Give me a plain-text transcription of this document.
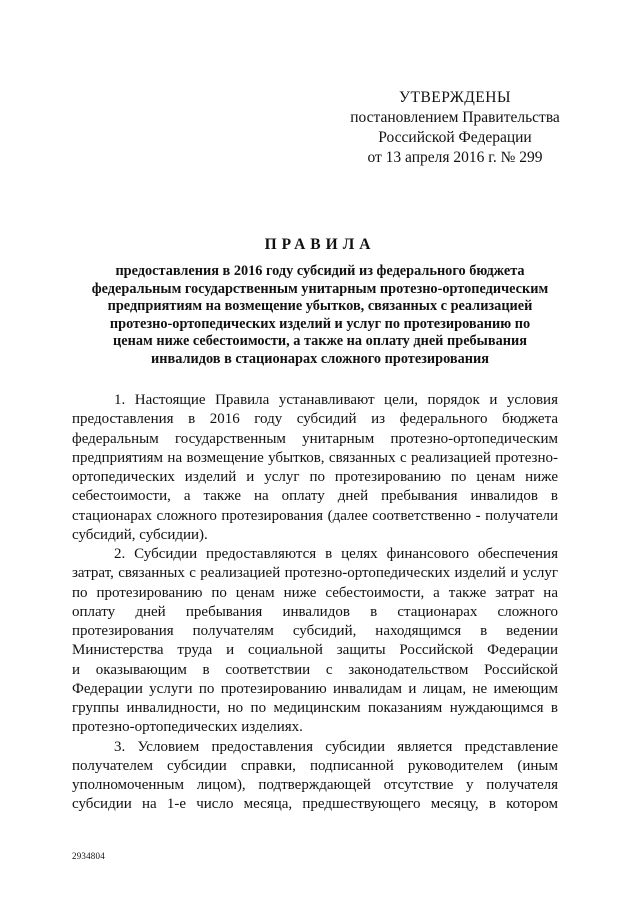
УТВЕРЖДЕНЫ
постановлением Правительства
Российской Федерации
от 13 апреля 2016 г. № 299
ПРАВИЛА
предоставления в 2016 году субсидий из федерального бюджета
федеральным государственным унитарным протезно-ортопедическим
предприятиям на возмещение убытков, связанных с реализацией
протезно-ортопедических изделий и услуг по протезированию по
ценам ниже себестоимости, а также на оплату дней пребывания
инвалидов в стационарах сложного протезирования
1. Настоящие Правила устанавливают цели, порядок и условия
предоставления в 2016 году субсидий из федерального бюджета
федеральным государственным унитарным протезно-ортопедическим
предприятиям на возмещение убытков, связанных с реализацией протезно-
ортопедических изделий и услуг по протезированию по ценам ниже
себестоимости, а также на оплату дней пребывания инвалидов в
стационарах сложного протезирования (далее соответственно - получатели
субсидий, субсидии).
2. Субсидии предоставляются в целях финансового обеспечения
затрат, связанных с реализацией протезно-ортопедических изделий и услуг
по протезированию по ценам ниже себестоимости, а также затрат на
оплату дней пребывания инвалидов в стационарах сложного
протезирования получателям субсидий, находящимся в ведении
Министерства труда и социальной защиты Российской Федерации
и оказывающим в соответствии с законодательством Российской
Федерации услуги по протезированию инвалидам и лицам, не имеющим
группы инвалидности, но по медицинским показаниям нуждающимся в
протезно-ортопедических изделиях.
3. Условием предоставления субсидии является представление
получателем субсидии справки, подписанной руководителем (иным
уполномоченным лицом), подтверждающей отсутствие у получателя
субсидии на 1-е число месяца, предшествующего месяцу, в котором
2934804
